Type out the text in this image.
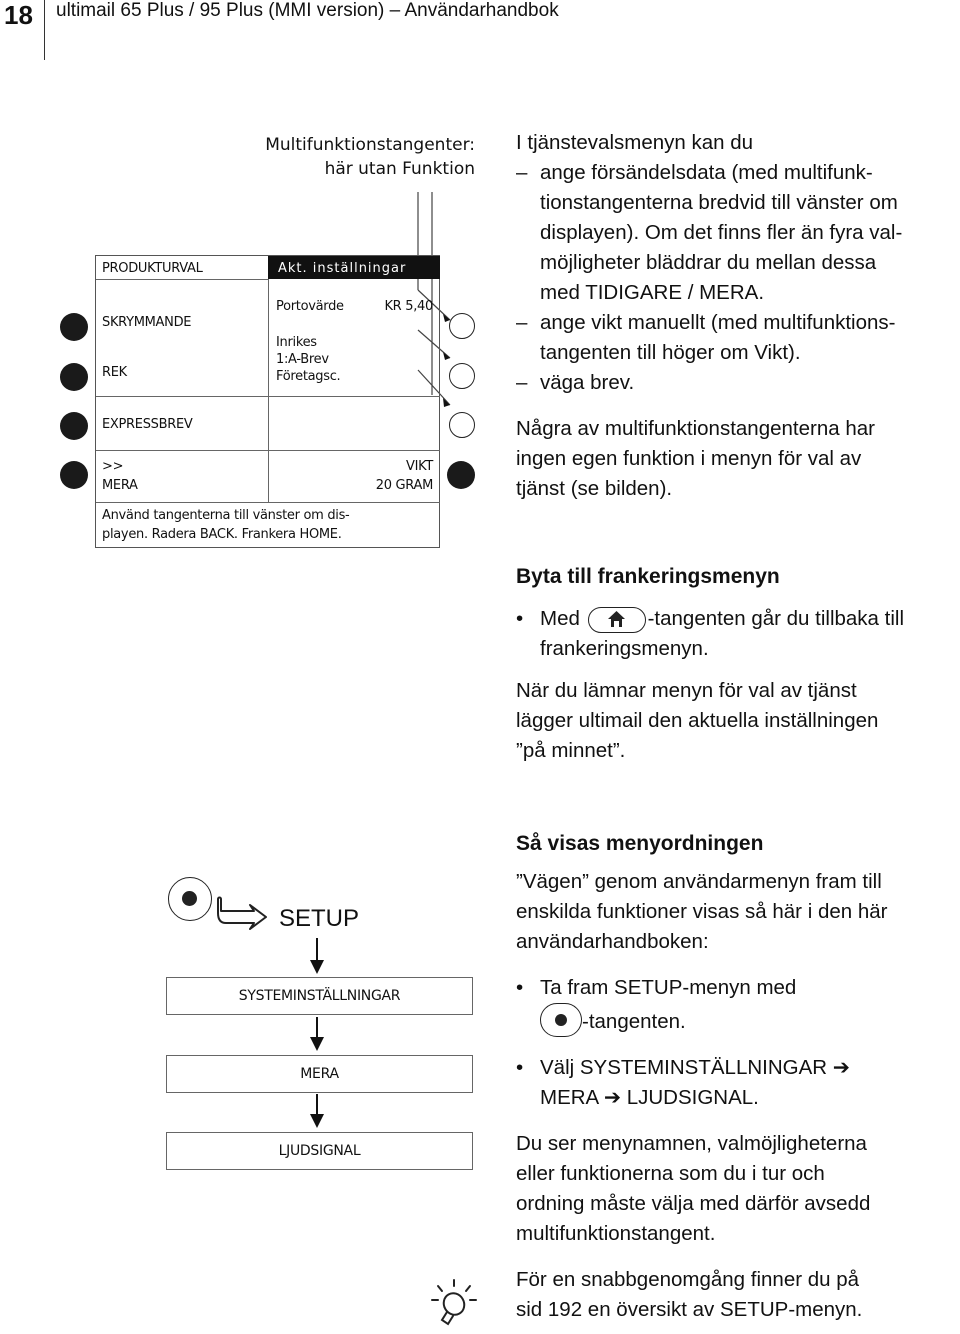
18 ultimail 65 Plus / 95 Plus (MMI version) – Användarhandbok
Multifunktionstangenter:
här utan Funktion
Akt. inställningar
PRODUKTURVAL
SKRYMMANDE
REK
EXPRESSBREV
>>
MERA
Portovärde	KR 5,40
Inrikes
1:A-Brev
Företagsc.
VIKT
20 GRAM
Använd tangenterna till vänster om dis-
playen. Radera BACK. Frankera HOME.
I tjänstevalsmenyn kan du
– ange försändelsdata (med multifunk-
tionstangenterna bredvid till vänster om
displayen). Om det finns fler än fyra val-
möjligheter bläddrar du mellan dessa
med TIDIGARE / MERA.
– ange vikt manuellt (med multifunktions-
tangenten till höger om Vikt).
– väga brev.
Några av multifunktionstangenterna har
ingen egen funktion i menyn för val av
tjänst (se bilden).
Byta till frankeringsmenyn
• Med	-tangenten går du tillbaka till
frankeringsmenyn.
När du lämnar menyn för val av tjänst
lägger ultimail den aktuella inställningen
”på minnet”.
SETUP
SYSTEMINSTÄLLNINGAR
MERA
LJUDSIGNAL
Så visas menyordningen
”Vägen” genom användarmenyn fram till
enskilda funktioner visas så här i den här
användarhandboken:
• Ta fram SETUP-menyn med
-tangenten.
• Välj SYSTEMINSTÄLLNINGAR ➔
MERA ➔ LJUDSIGNAL.
Du ser menynamnen, valmöjligheterna
eller funktionerna som du i tur och
ordning måste välja med därför avsedd
multifunktionstangent.
För en snabbgenomgång finner du på
sid 192 en översikt av SETUP-menyn.
